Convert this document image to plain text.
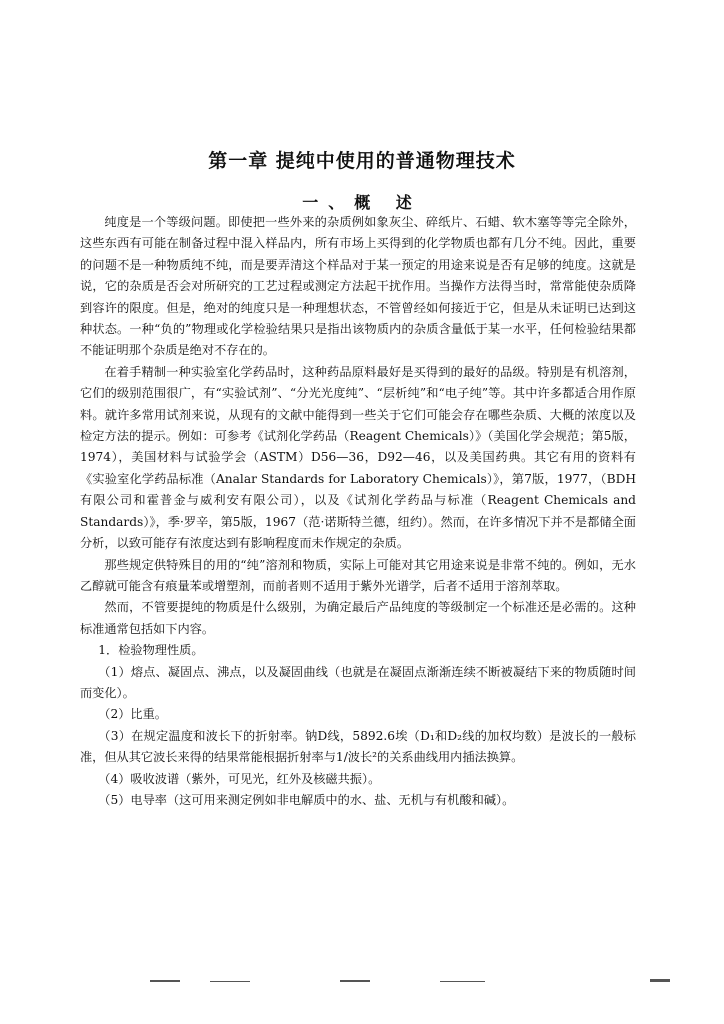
第一章 提纯中使用的普通物理技术
一、概 述

纯度是一个等级问题。即使把一些外来的杂质例如象灰尘、碎纸片、石蜡、软木塞等等完全除外，这些东西有可能在制备过程中混入样品内，所有市场上买得到的化学物质也都有几分不纯。因此，重要的问题不是一种物质纯不纯，而是要弄清这个样品对于某一预定的用途来说是否有足够的纯度。这就是说，它的杂质是否会对所研究的工艺过程或测定方法起干扰作用。当操作方法得当时，常常能使杂质降到容许的限度。但是，绝对的纯度只是一种理想状态，不管曾经如何接近于它，但是从未证明已达到这种状态。一种“负的”物理或化学检验结果只是指出该物质内的杂质含量低于某一水平，任何检验结果都不能证明那个杂质是绝对不存在的。

在着手精制一种实验室化学药品时，这种药品原料最好是买得到的最好的品级。特别是有机溶剂，它们的级别范围很广，有“实验试剂”、“分光光度纯”、“层析纯”和“电子纯”等。其中许多都适合用作原料。就许多常用试剂来说，从现有的文献中能得到一些关于它们可能会存在哪些杂质、大概的浓度以及检定方法的提示。例如：可参考《试剂化学药品（Reagent Chemicals）》（美国化学会规范；第5版，1974），美国材料与试验学会（ASTM）D56—36，D92—46，以及美国药典。其它有用的资料有《实验室化学药品标准（Analar Standards for Laboratory Chemicals）》，第7版，1977，（BDH有限公司和霍普金与威利安有限公司），以及《试剂化学药品与标准（Reagent Chemicals and Standards）》，季·罗辛，第5版，1967（范·诺斯特兰德，纽约）。然而，在许多情况下并不是都储全面分析，以致可能存有浓度达到有影响程度而未作规定的杂质。

那些规定供特殊目的用的“纯”溶剂和物质，实际上可能对其它用途来说是非常不纯的。例如，无水乙醇就可能含有痕量苯或增塑剂，而前者则不适用于紫外光谱学，后者不适用于溶剂萃取。

然而，不管要提纯的物质是什么级别，为确定最后产品纯度的等级制定一个标准还是必需的。这种标准通常包括如下内容。

1．检验物理性质。

（1）熔点、凝固点、沸点，以及凝固曲线（也就是在凝固点渐渐连续不断被凝结下来的物质随时间而变化）。

（2）比重。

（3）在规定温度和波长下的折射率。钠D线，5892.6埃（D₁和D₂线的加权均数）是波长的一般标准，但从其它波长来得的结果常能根据折射率与1/波长²的关系曲线用内插法换算。

（4）吸收波谱（紫外，可见光，红外及核磁共振）。

（5）电导率（这可用来测定例如非电解质中的水、盐、无机与有机酸和碱）。
